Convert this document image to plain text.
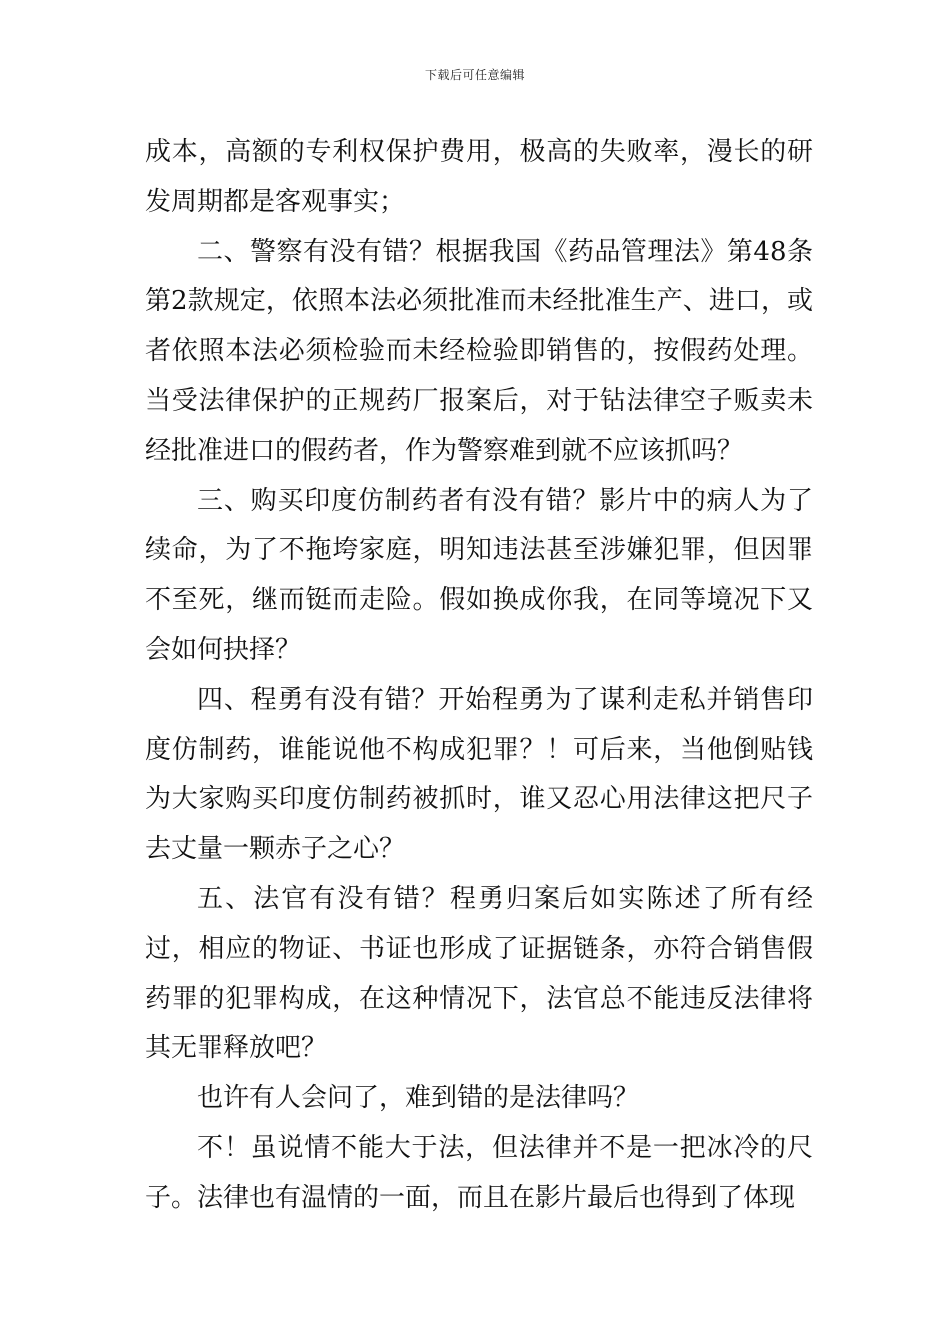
下载后可任意编辑

成本，高额的专利权保护费用，极高的失败率，漫长的研发周期都是客观事实；

二、警察有没有错？根据我国《药品管理法》第48条第2款规定，依照本法必须批准而未经批准生产、进口，或者依照本法必须检验而未经检验即销售的，按假药处理。当受法律保护的正规药厂报案后，对于钻法律空子贩卖未经批准进口的假药者，作为警察难到就不应该抓吗？

三、购买印度仿制药者有没有错？影片中的病人为了续命，为了不拖垮家庭，明知违法甚至涉嫌犯罪，但因罪不至死，继而铤而走险。假如换成你我，在同等境况下又会如何抉择？

四、程勇有没有错？开始程勇为了谋利走私并销售印度仿制药，谁能说他不构成犯罪？！可后来，当他倒贴钱为大家购买印度仿制药被抓时，谁又忍心用法律这把尺子去丈量一颗赤子之心？

五、法官有没有错？程勇归案后如实陈述了所有经过，相应的物证、书证也形成了证据链条，亦符合销售假药罪的犯罪构成，在这种情况下，法官总不能违反法律将其无罪释放吧？

也许有人会问了，难到错的是法律吗？

不！虽说情不能大于法，但法律并不是一把冰冷的尺子。法律也有温情的一面，而且在影片最后也得到了体现
